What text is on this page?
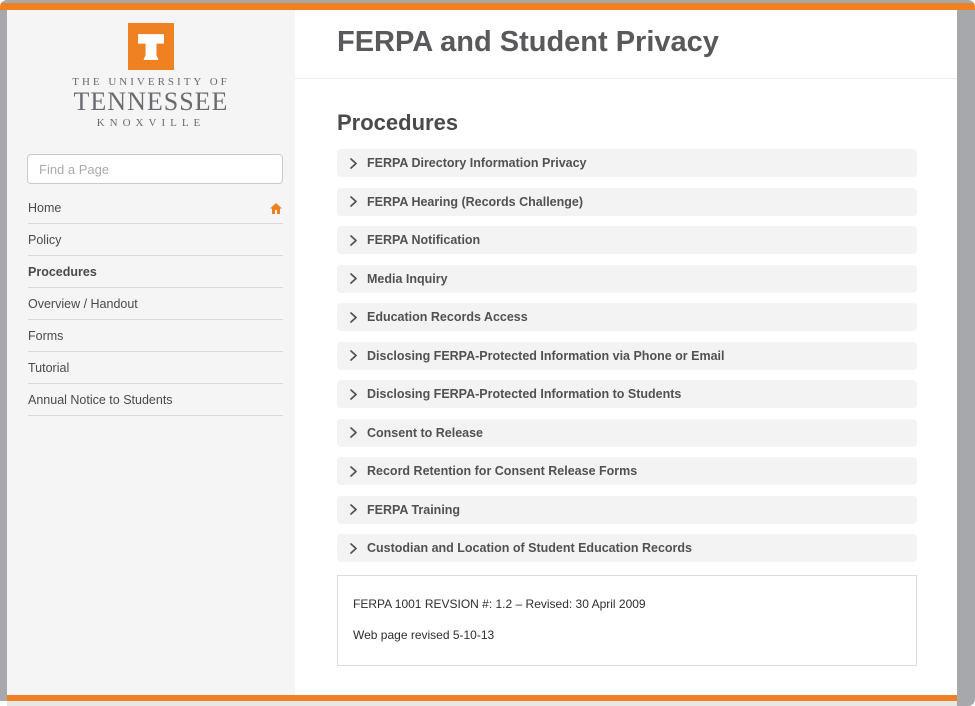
THE UNIVERSITY OF
TENNESSEE
KNOXVILLE
Find a Page
Home
Policy
Procedures
Overview / Handout
Forms
Tutorial
Annual Notice to Students
FERPA and Student Privacy
Procedures
FERPA Directory Information Privacy
FERPA Hearing (Records Challenge)
FERPA Notification
Media Inquiry
Education Records Access
Disclosing FERPA-Protected Information via Phone or Email
Disclosing FERPA-Protected Information to Students
Consent to Release
Record Retention for Consent Release Forms
FERPA Training
Custodian and Location of Student Education Records

FERPA 1001 REVSION #: 1.2 – Revised: 30 April 2009

Web page revised 5-10-13
